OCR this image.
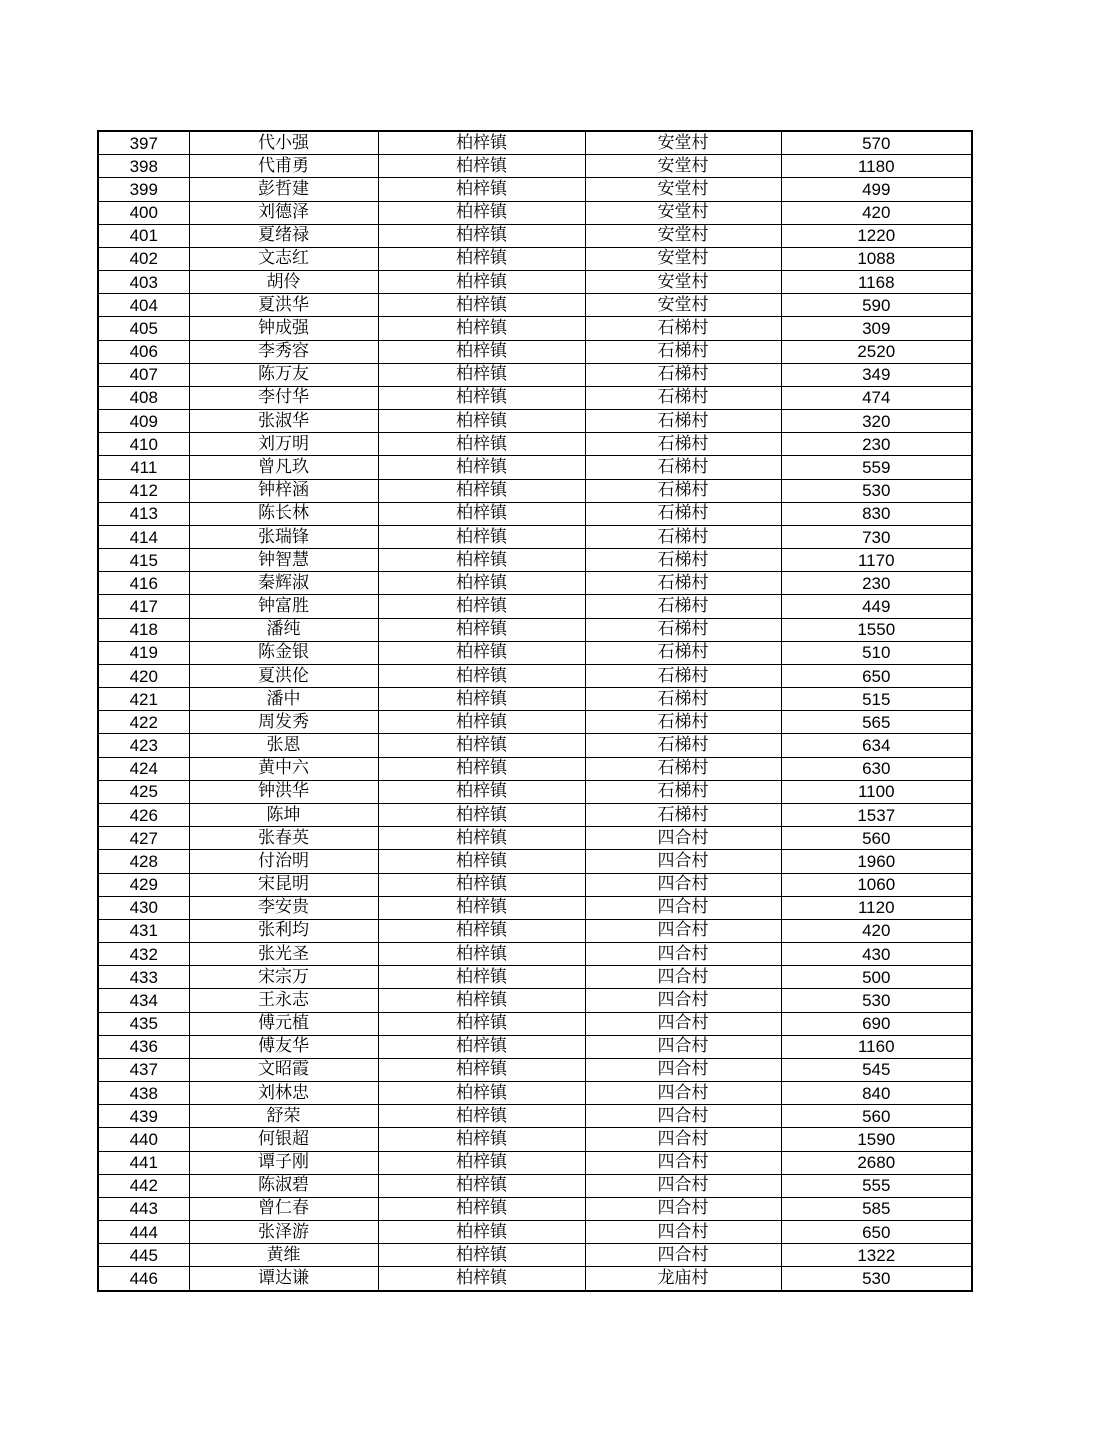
397	代小强	柏梓镇	安堂村	570
398	代甫勇	柏梓镇	安堂村	1180
399	彭哲建	柏梓镇	安堂村	499
400	刘德泽	柏梓镇	安堂村	420
401	夏绪禄	柏梓镇	安堂村	1220
402	文志红	柏梓镇	安堂村	1088
403	胡伶	柏梓镇	安堂村	1168
404	夏洪华	柏梓镇	安堂村	590
405	钟成强	柏梓镇	石梯村	309
406	李秀容	柏梓镇	石梯村	2520
407	陈万友	柏梓镇	石梯村	349
408	李付华	柏梓镇	石梯村	474
409	张淑华	柏梓镇	石梯村	320
410	刘万明	柏梓镇	石梯村	230
411	曾凡玖	柏梓镇	石梯村	559
412	钟梓涵	柏梓镇	石梯村	530
413	陈长林	柏梓镇	石梯村	830
414	张瑞锋	柏梓镇	石梯村	730
415	钟智慧	柏梓镇	石梯村	1170
416	秦辉淑	柏梓镇	石梯村	230
417	钟富胜	柏梓镇	石梯村	449
418	潘纯	柏梓镇	石梯村	1550
419	陈金银	柏梓镇	石梯村	510
420	夏洪伦	柏梓镇	石梯村	650
421	潘中	柏梓镇	石梯村	515
422	周发秀	柏梓镇	石梯村	565
423	张恩	柏梓镇	石梯村	634
424	黄中六	柏梓镇	石梯村	630
425	钟洪华	柏梓镇	石梯村	1100
426	陈坤	柏梓镇	石梯村	1537
427	张春英	柏梓镇	四合村	560
428	付治明	柏梓镇	四合村	1960
429	宋昆明	柏梓镇	四合村	1060
430	李安贵	柏梓镇	四合村	1120
431	张利均	柏梓镇	四合村	420
432	张光圣	柏梓镇	四合村	430
433	宋宗万	柏梓镇	四合村	500
434	王永志	柏梓镇	四合村	530
435	傅元植	柏梓镇	四合村	690
436	傅友华	柏梓镇	四合村	1160
437	文昭霞	柏梓镇	四合村	545
438	刘林忠	柏梓镇	四合村	840
439	舒荣	柏梓镇	四合村	560
440	何银超	柏梓镇	四合村	1590
441	谭子刚	柏梓镇	四合村	2680
442	陈淑碧	柏梓镇	四合村	555
443	曾仁春	柏梓镇	四合村	585
444	张泽游	柏梓镇	四合村	650
445	黄维	柏梓镇	四合村	1322
446	谭达谦	柏梓镇	龙庙村	530
